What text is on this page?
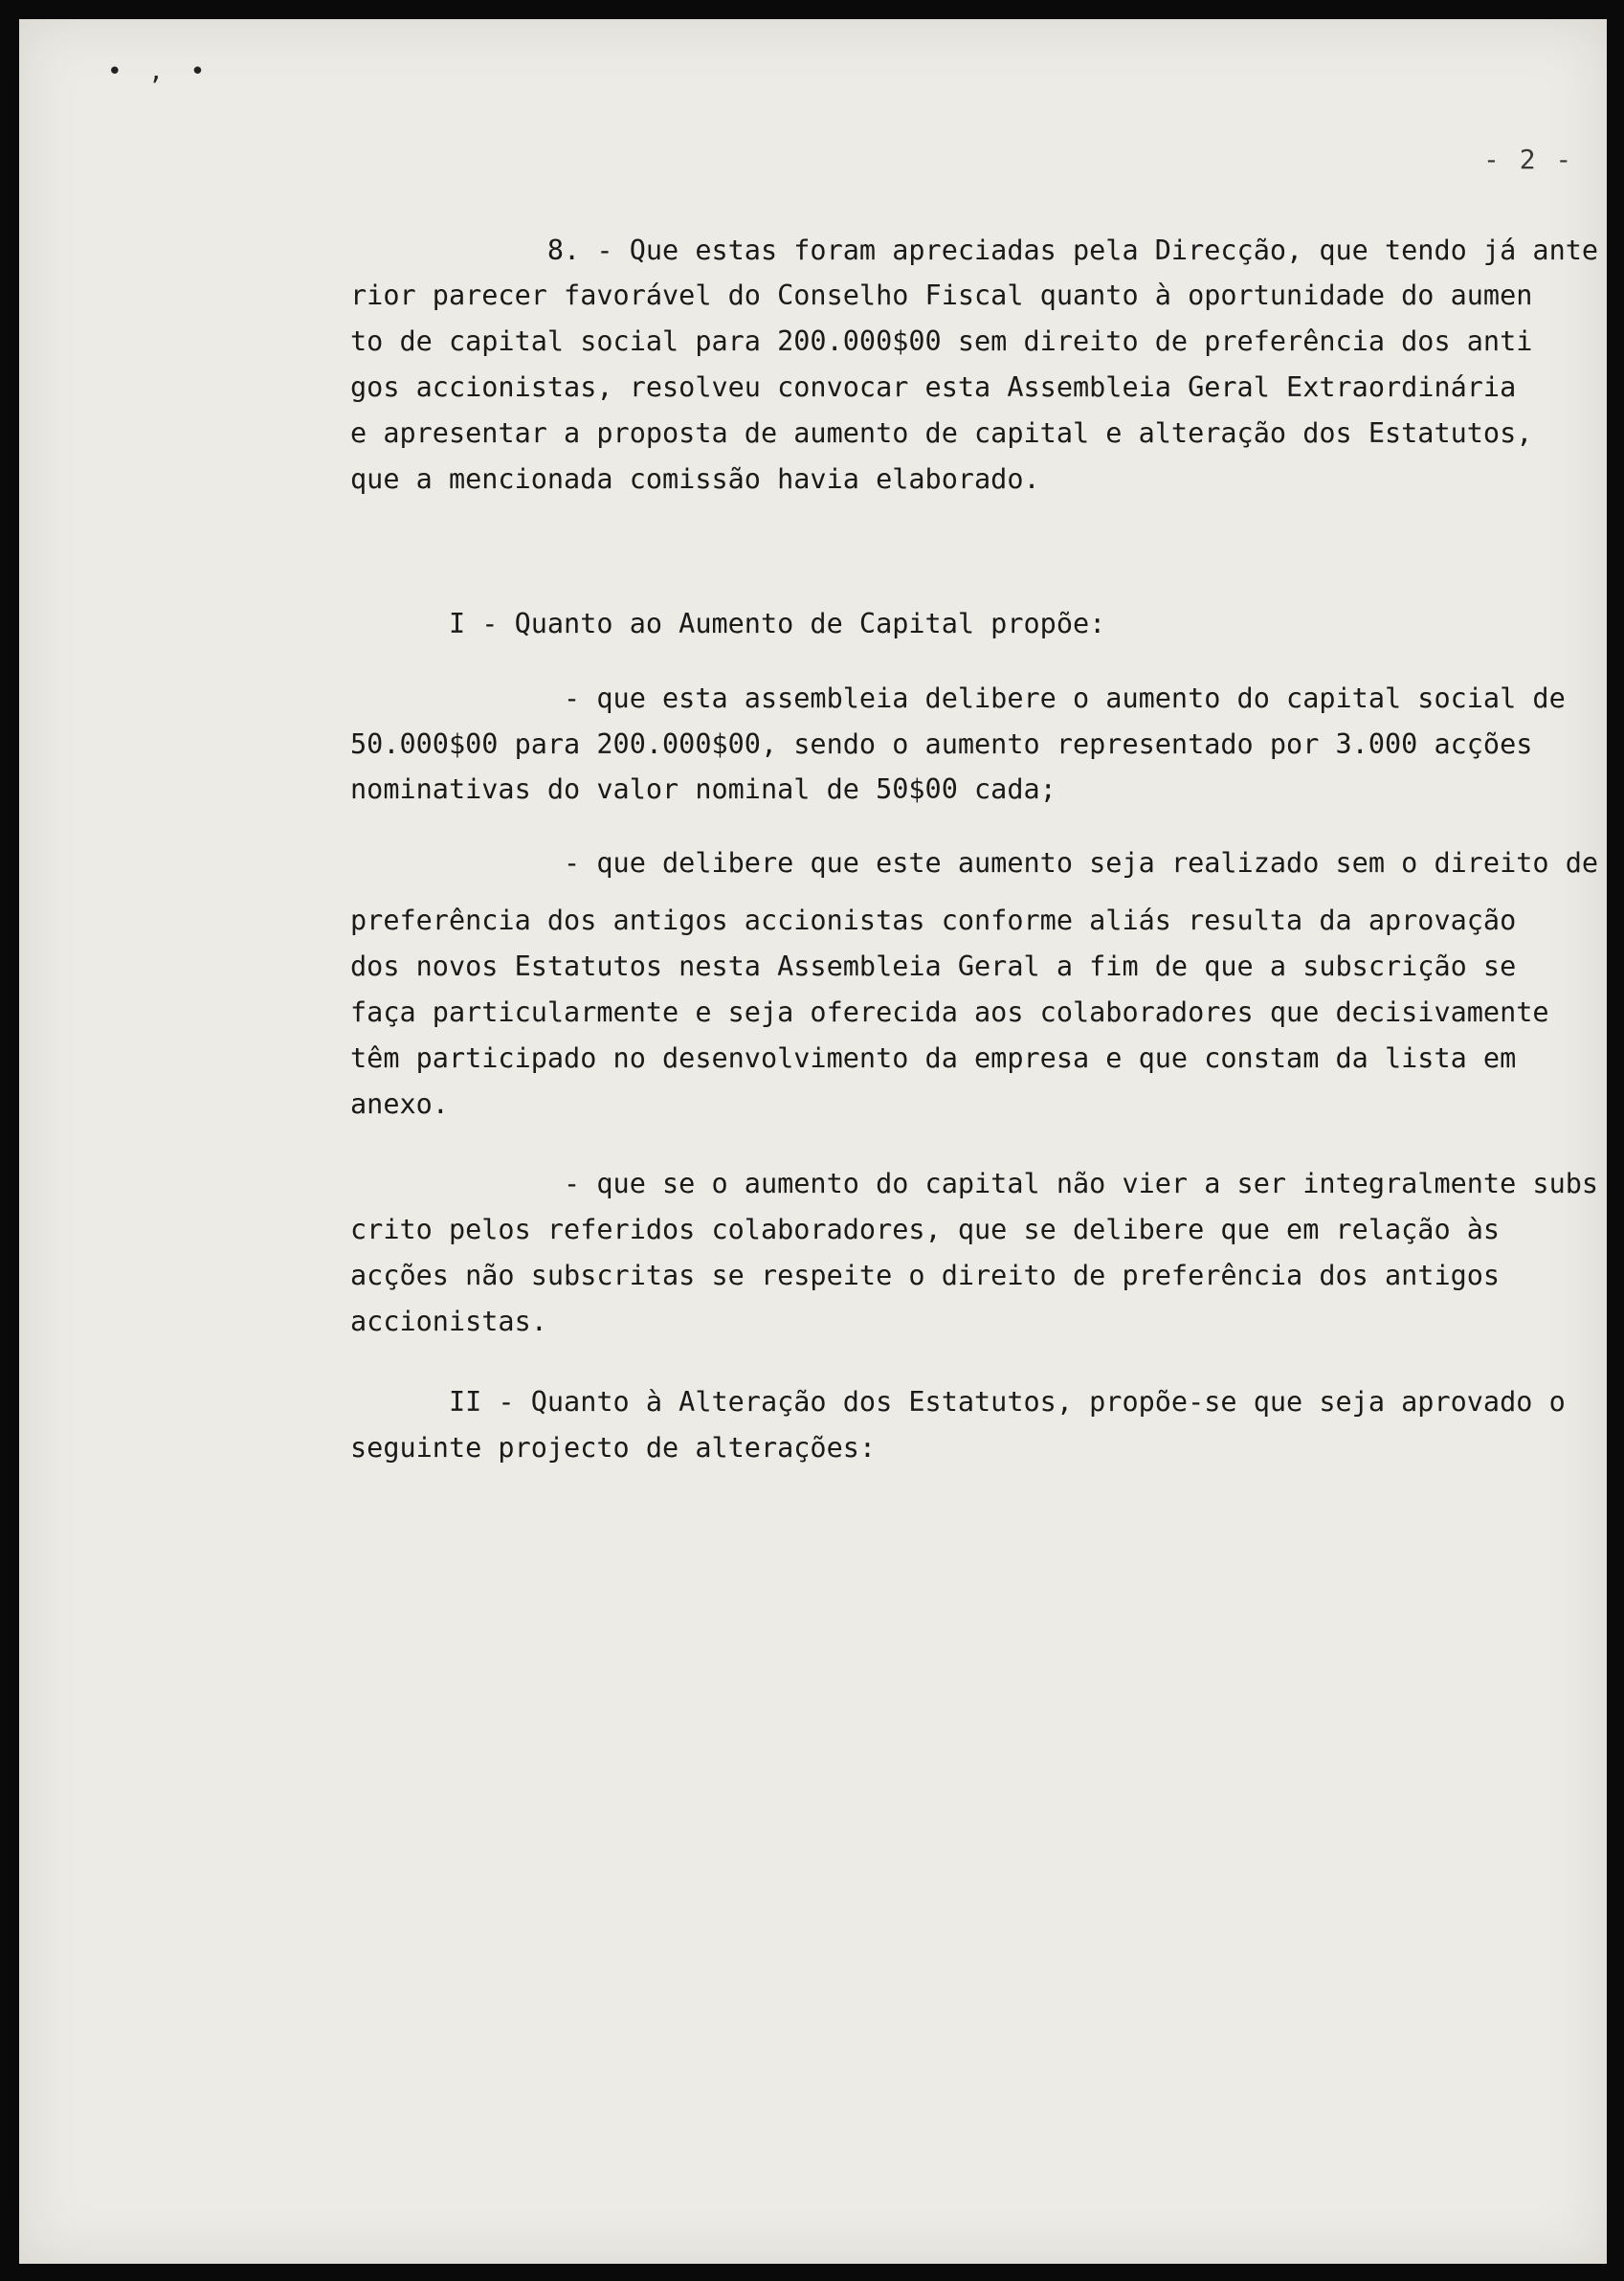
• ‚ •
- 2 -
8. - Que estas foram apreciadas pela Direcção, que tendo já ante
rior parecer favorável do Conselho Fiscal quanto à oportunidade do aumen
to de capital social para 200.000$00 sem direito de preferência dos anti
gos accionistas, resolveu convocar esta Assembleia Geral Extraordinária
e apresentar a proposta de aumento de capital e alteração dos Estatutos,
que a mencionada comissão havia elaborado.
I - Quanto ao Aumento de Capital propõe:
- que esta assembleia delibere o aumento do capital social de
50.000$00 para 200.000$00, sendo o aumento representado por 3.000 acções
nominativas do valor nominal de 50$00 cada;
- que delibere que este aumento seja realizado sem o direito de
preferência dos antigos accionistas conforme aliás resulta da aprovação
dos novos Estatutos nesta Assembleia Geral a fim de que a subscrição se
faça particularmente e seja oferecida aos colaboradores que decisivamente
têm participado no desenvolvimento da empresa e que constam da lista em
anexo.
- que se o aumento do capital não vier a ser integralmente subs
crito pelos referidos colaboradores, que se delibere que em relação às
acções não subscritas se respeite o direito de preferência dos antigos
accionistas.
II - Quanto à Alteração dos Estatutos, propõe-se que seja aprovado o
seguinte projecto de alterações:
